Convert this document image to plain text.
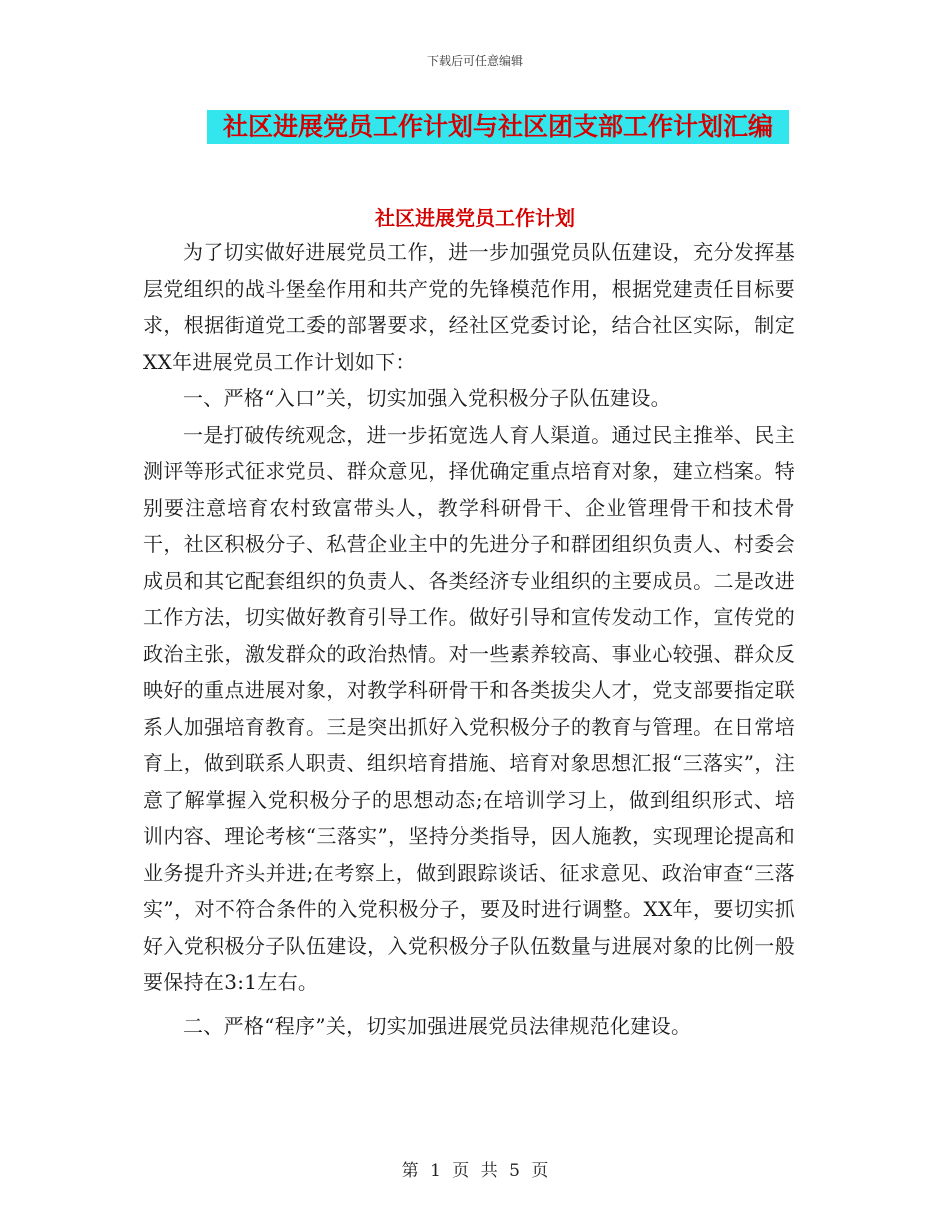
下载后可任意编辑
社区进展党员工作计划与社区团支部工作计划汇编
社区进展党员工作计划

为了切实做好进展党员工作，进一步加强党员队伍建设，充分发挥基层党组织的战斗堡垒作用和共产党的先锋模范作用，根据党建责任目标要求，根据街道党工委的部署要求，经社区党委讨论，结合社区实际，制定XX年进展党员工作计划如下：

一、严格“入口”关，切实加强入党积极分子队伍建设。

一是打破传统观念，进一步拓宽选人育人渠道。通过民主推举、民主测评等形式征求党员、群众意见，择优确定重点培育对象，建立档案。特别要注意培育农村致富带头人，教学科研骨干、企业管理骨干和技术骨干，社区积极分子、私营企业主中的先进分子和群团组织负责人、村委会成员和其它配套组织的负责人、各类经济专业组织的主要成员。二是改进工作方法，切实做好教育引导工作。做好引导和宣传发动工作，宣传党的政治主张，激发群众的政治热情。对一些素养较高、事业心较强、群众反映好的重点进展对象，对教学科研骨干和各类拔尖人才，党支部要指定联系人加强培育教育。三是突出抓好入党积极分子的教育与管理。在日常培育上，做到联系人职责、组织培育措施、培育对象思想汇报“三落实”，注意了解掌握入党积极分子的思想动态;在培训学习上，做到组织形式、培训内容、理论考核“三落实”，坚持分类指导，因人施教，实现理论提高和业务提升齐头并进;在考察上，做到跟踪谈话、征求意见、政治审查“三落实”，对不符合条件的入党积极分子，要及时进行调整。XX年，要切实抓好入党积极分子队伍建设，入党积极分子队伍数量与进展对象的比例一般要保持在3:1左右。

二、严格“程序”关，切实加强进展党员法律规范化建设。

第 1 页 共 5 页
